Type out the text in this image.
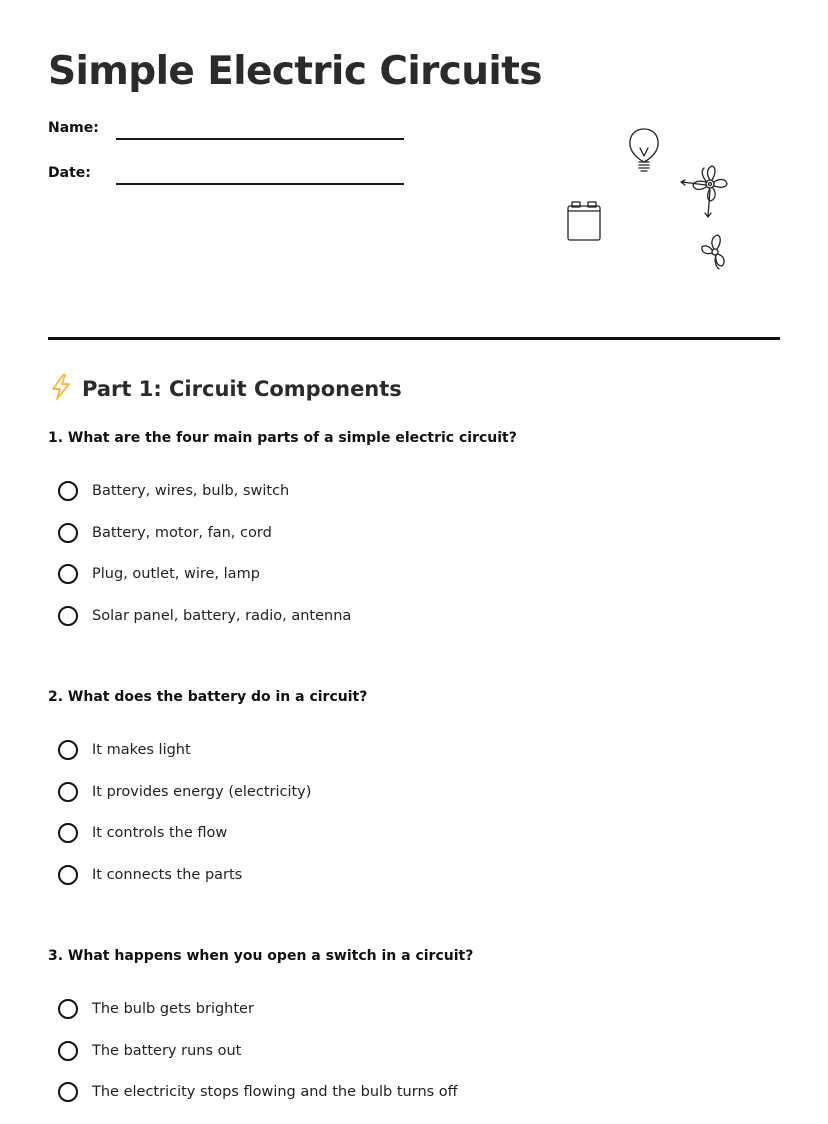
Simple Electric Circuits
Name:
Date:
Part 1: Circuit Components

1. What are the four main parts of a simple electric circuit?

Battery, wires, bulb, switch
Battery, motor, fan, cord
Plug, outlet, wire, lamp
Solar panel, battery, radio, antenna

2. What does the battery do in a circuit?

It makes light
It provides energy (electricity)
It controls the flow
It connects the parts

3. What happens when you open a switch in a circuit?

The bulb gets brighter
The battery runs out
The electricity stops flowing and the bulb turns off
